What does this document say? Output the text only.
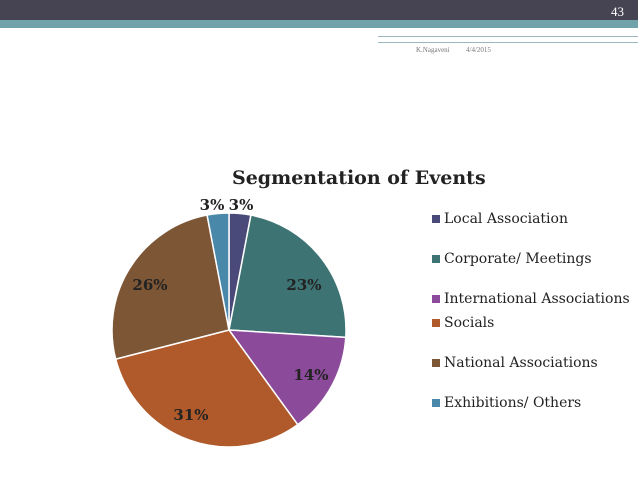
43
K.Nagaveni 4/4/2015
Segmentation of Events
3%
23%
14%
31%
26%
3%
Local Association
Corporate/ Meetings
International Associations
Socials
National Associations
Exhibitions/ Others
